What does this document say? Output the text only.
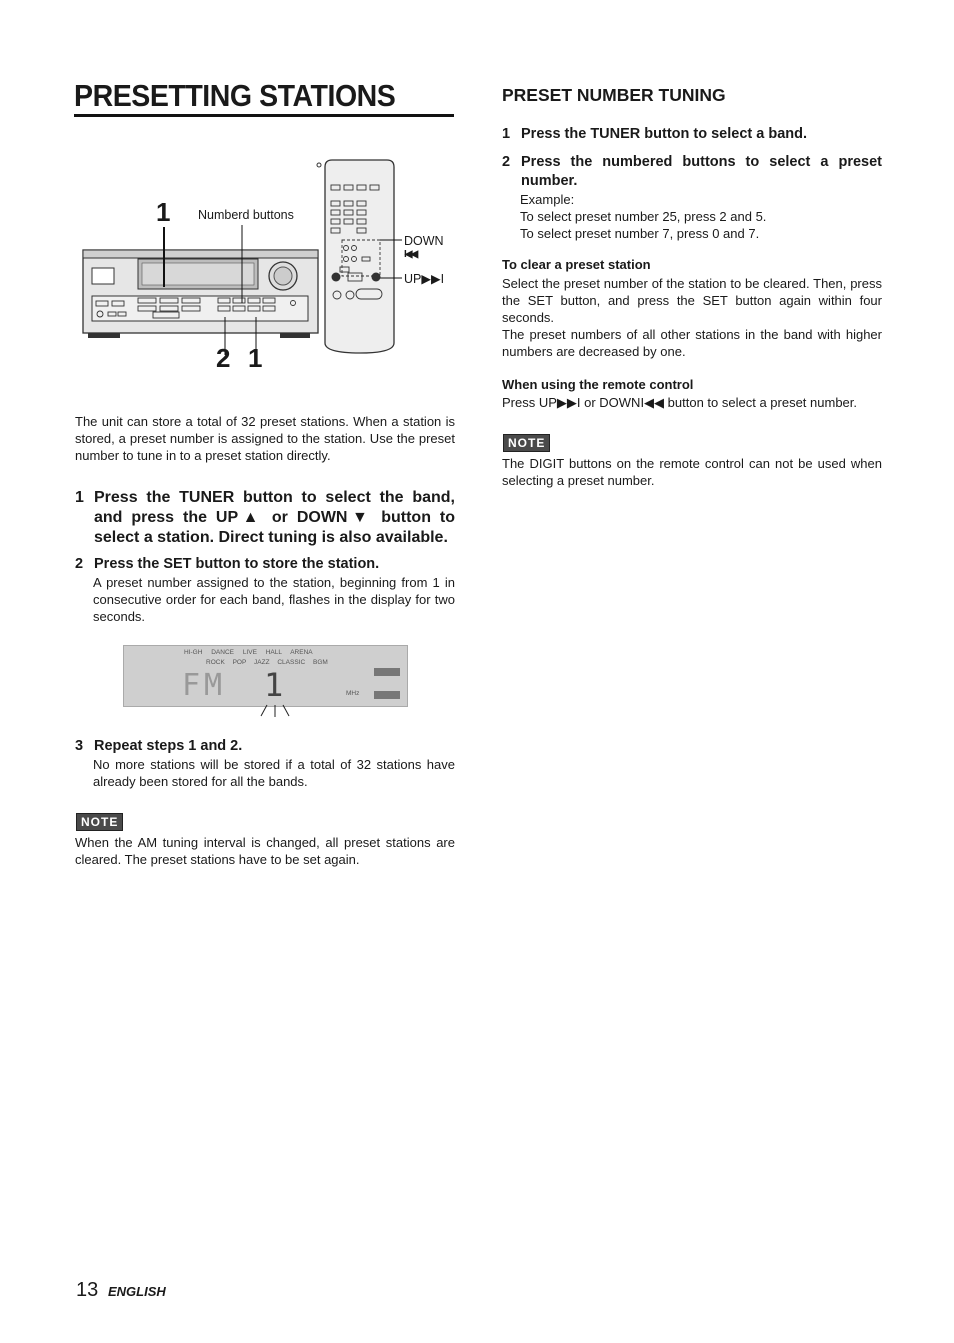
PRESETTING STATIONS
1 Numberd buttons
DOWN
I◀◀
UP▶▶I
2 1
The unit can store a total of 32 preset stations. When a station is stored, a preset number is assigned to the station. Use the preset number to tune in to a preset station directly.
1 Press the TUNER button to select the band, and press the UP▲ or DOWN▼ button to select a station. Direct tuning is also available.
2 Press the SET button to store the station.
A preset number assigned to the station, beginning from 1 in consecutive order for each band, flashes in the display for two seconds.
HI-GH DANCE LIVE HALL ARENA
ROCK POP JAZZ CLASSIC BGM
FM 1	MHz
3 Repeat steps 1 and 2.
No more stations will be stored if a total of 32 stations have already been stored for all the bands.
NOTE
When the AM tuning interval is changed, all preset stations are cleared. The preset stations have to be set again.
PRESET NUMBER TUNING
1 Press the TUNER button to select a band.
2 Press the numbered buttons to select a preset number.
Example:
To select preset number 25, press 2 and 5.
To select preset number 7, press 0 and 7.
To clear a preset station
Select the preset number of the station to be cleared. Then, press the SET button, and press the SET button again within four seconds.
The preset numbers of all other stations in the band with higher numbers are decreased by one.
When using the remote control
Press UP▶▶I or DOWNI◀◀ button to select a preset number.
NOTE
The DIGIT buttons on the remote control can not be used when selecting a preset number.
13 ENGLISH
